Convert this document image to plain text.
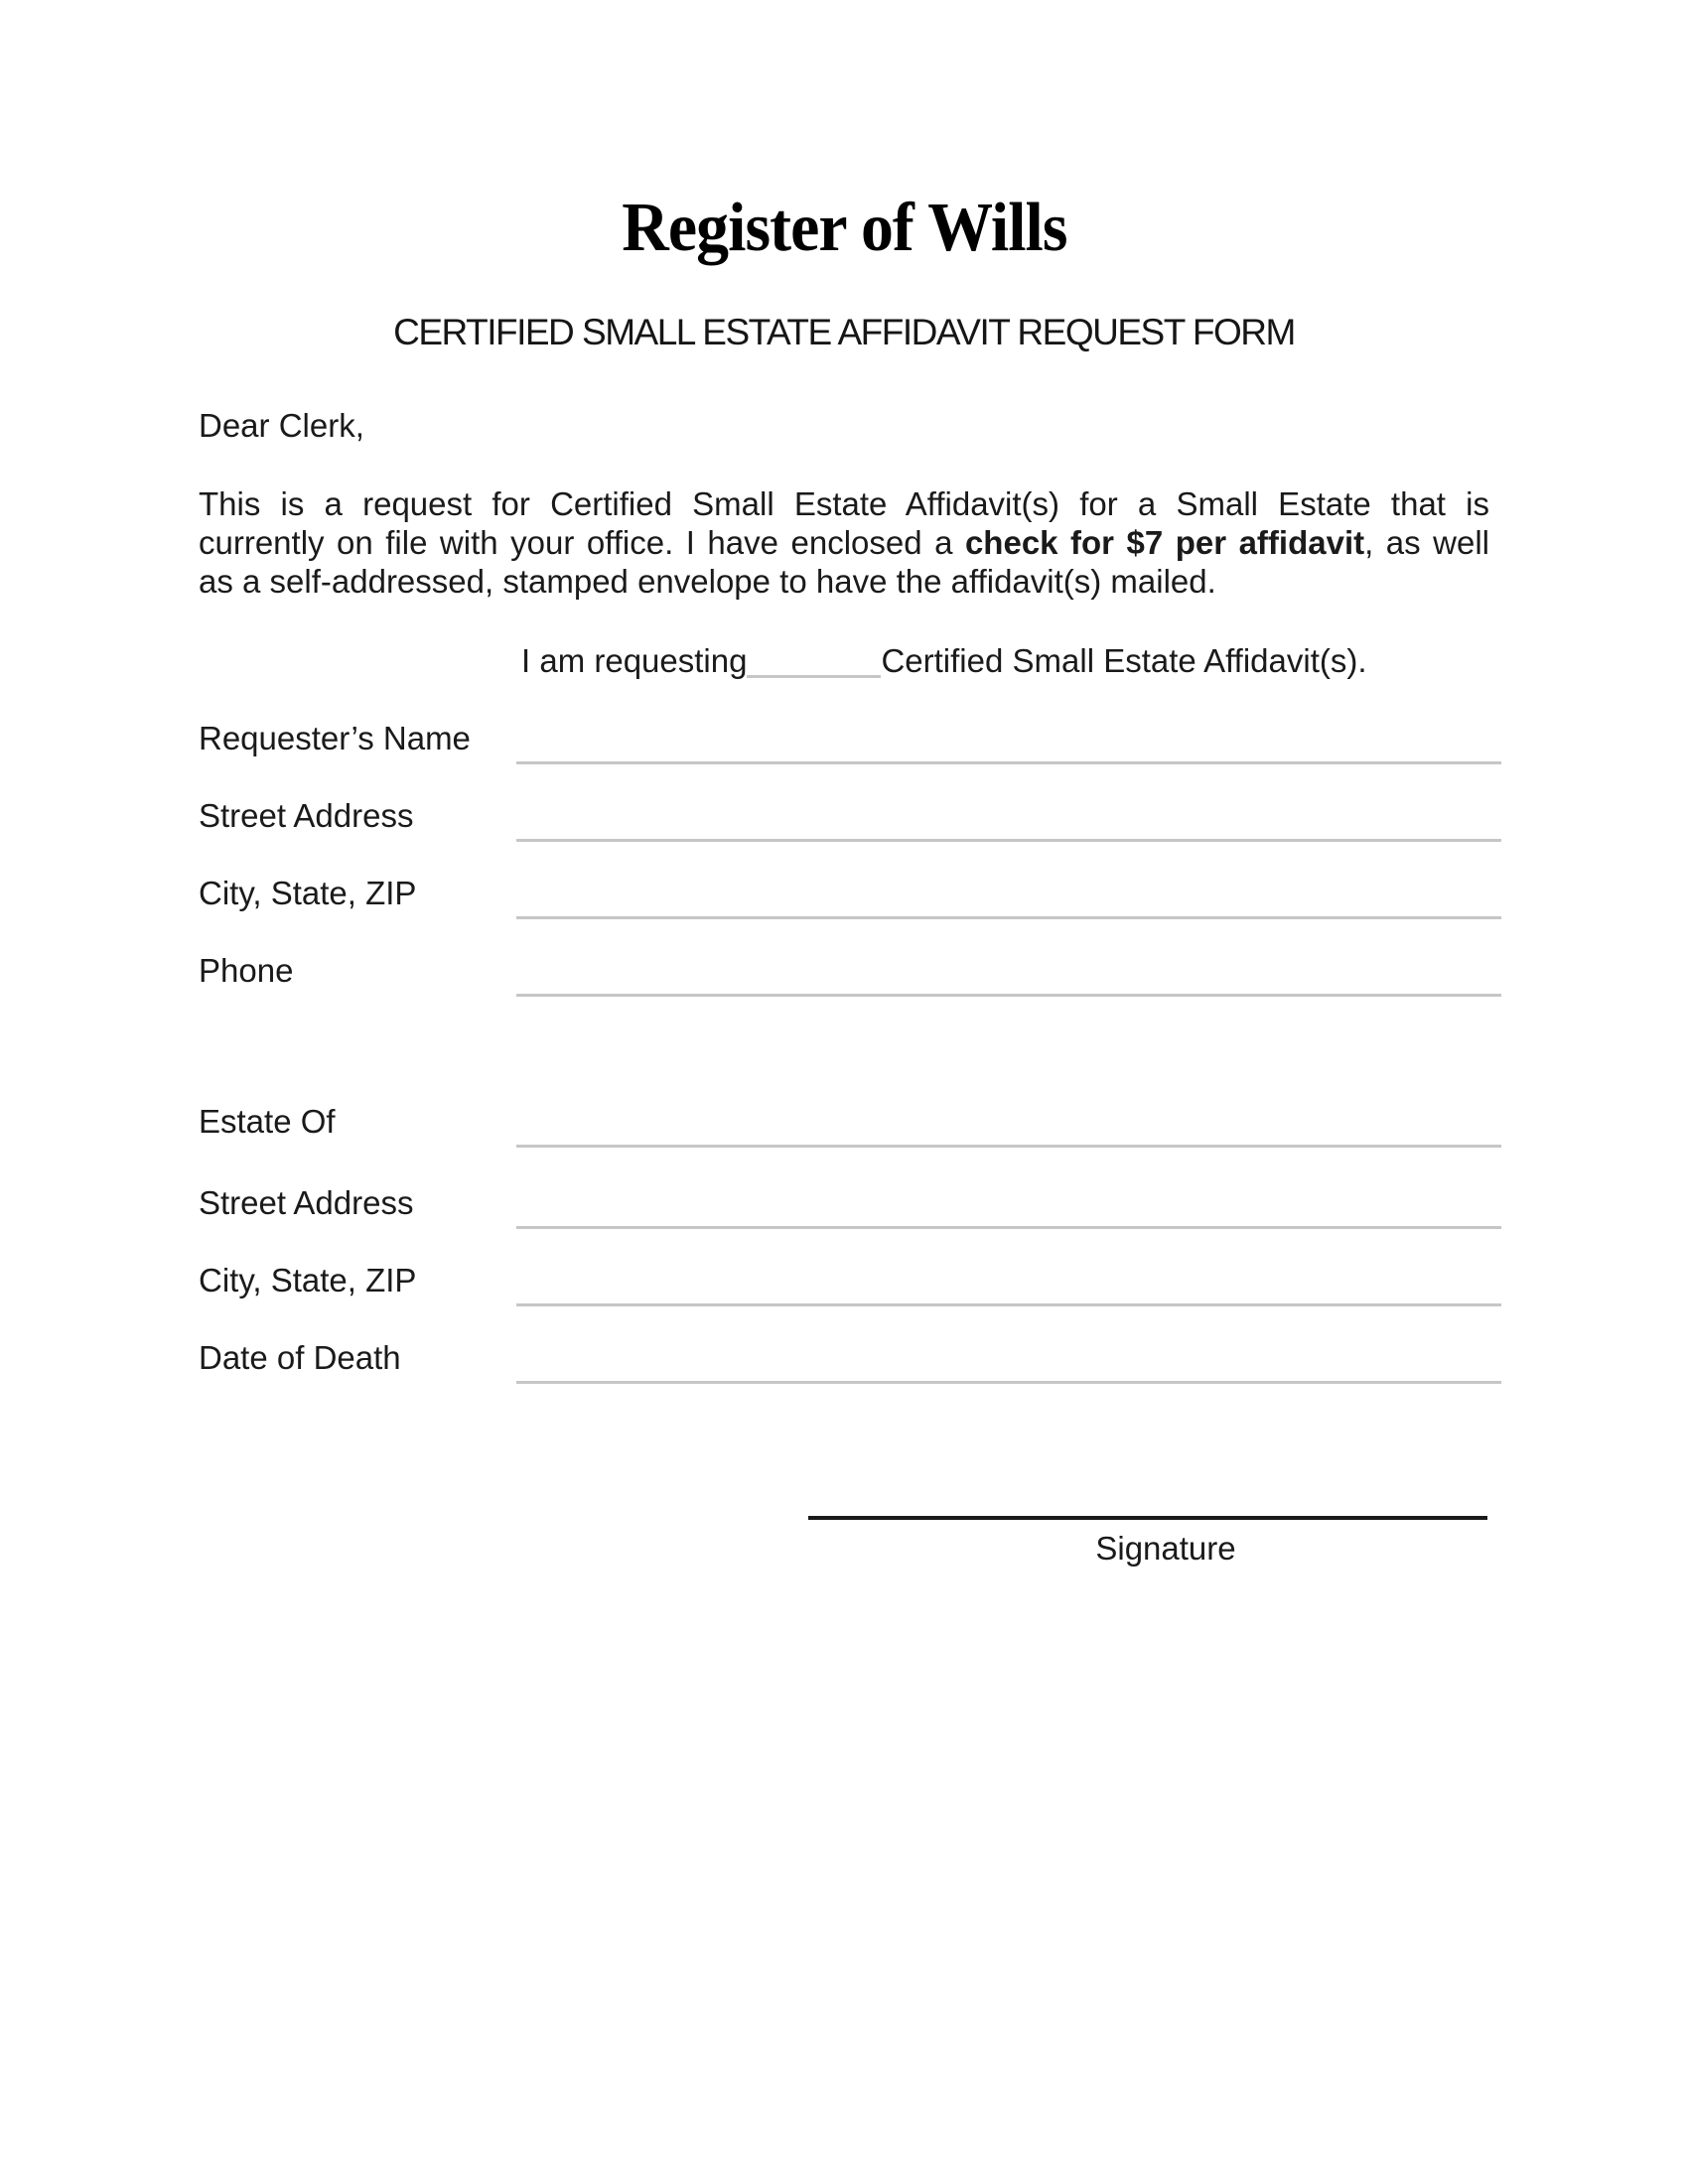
Register of Wills
CERTIFIED SMALL ESTATE AFFIDAVIT REQUEST FORM
Dear Clerk,
This is a request for Certified Small Estate Affidavit(s) for a Small Estate that is
currently on file with your office. I have enclosed a check for $7 per affidavit, as well
as a self-addressed, stamped envelope to have the affidavit(s) mailed.
I am requesting	Certified Small Estate Affidavit(s).
Requester’s Name
Street Address
City, State, ZIP
Phone
Estate Of
Street Address
City, State, ZIP
Date of Death
Signature
